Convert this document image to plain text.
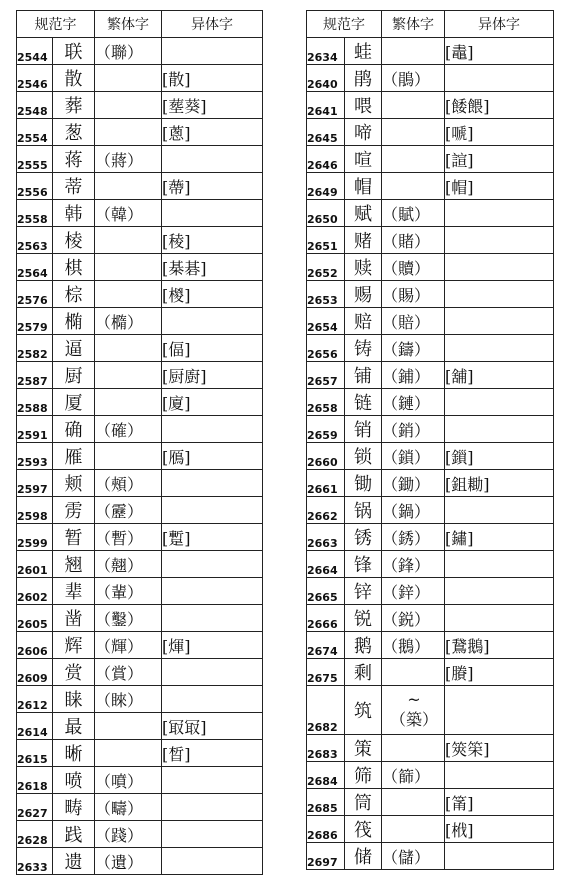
规范字		繁体字	异体字
2544	联	（聯）	
2546	散		[散]
2548	葬		[塟葵]
2554	葱		[蔥]
2555	蒋	（蔣）	
2556	蒂		[蔕]
2558	韩	（韓）	
2563	棱		[稜]
2564	棋		[棊碁]
2576	棕		[椶]
2579	椭	（橢）	
2582	逼		[偪]
2587	厨		[厨廚]
2588	厦		[廈]
2591	确	（確）	
2593	雁		[鴈]
2597	颊	（頰）	
2598	雳	（靂）	
2599	暂	（暫）	[蹔]
2601	翘	（翹）	
2602	辈	（輩）	
2605	凿	（鑿）	
2606	辉	（輝）	[煇]
2609	赏	（賞）	
2612	睐	（睞）	
2614	最		[冣冣]
2615	晰		[晳]
2618	喷	（噴）	
2627	畴	（疇）	
2628	践	（踐）	
2633	遗	（遺）	
规范字		繁体字	异体字
2634	蛙		[鼃]
2640	鹃	（鵑）	
2641	喂		[餧餵]
2645	啼		[嗁]
2646	喧		[諠]
2649	帽		[帽]
2650	赋	（賦）	
2651	赌	（賭）	
2652	赎	（贖）	
2653	赐	（賜）	
2654	赔	（賠）	
2656	铸	（鑄）	
2657	铺	（鋪）	[舖]
2658	链	（鏈）	
2659	销	（銷）	
2660	锁	（鎖）	[鎻]
2661	锄	（鋤）	[鉏耡]
2662	锅	（鍋）	
2663	锈	（銹）	[鏽]
2664	锋	（鋒）	
2665	锌	（鋅）	
2666	锐	（鋭）	
2674	鹅	（鵝）	[鵞鵝]
2675	剩		[賸]
2682	筑	~
（築）	

2683	策		[筴筞]
2684	筛	（篩）	
2685	筒		[筩]
2686	筏		[栰]
2697	储	（儲）	
